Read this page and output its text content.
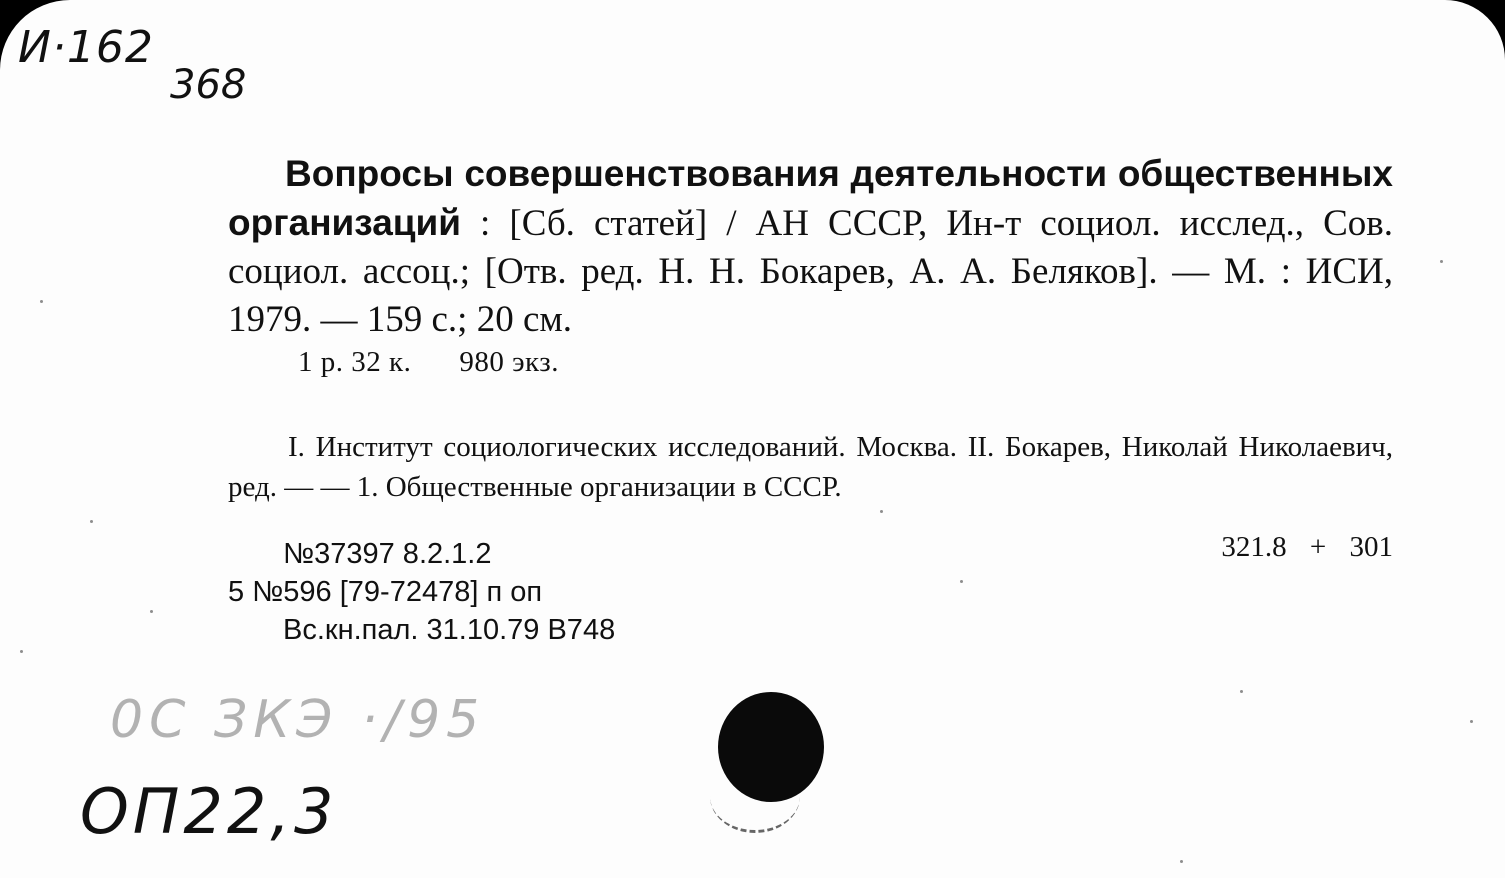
И·162
368

Вопросы совершенствования деятельности общественных организаций : [Сб. статей] / АН СССР, Ин-т социол. исслед., Сов. социол. ассоц.; [Отв. ред. Н. Н. Бокарев, А. А. Беляков]. — М. : ИСИ, 1979. — 159 с.; 20 см.

1 р. 32 к. 980 экз.

I. Институт социологических исследований. Москва. II. Бокарев, Николай Николаевич, ред. — — 1. Общественные организации в СССР.

321.8 + 301
№37397 8.2.1.2
5 №596 [79-72478] п оп
Вс.кн.пал. 31.10.79 В748
0С ЗКЭ ·/95
ОП22,3
